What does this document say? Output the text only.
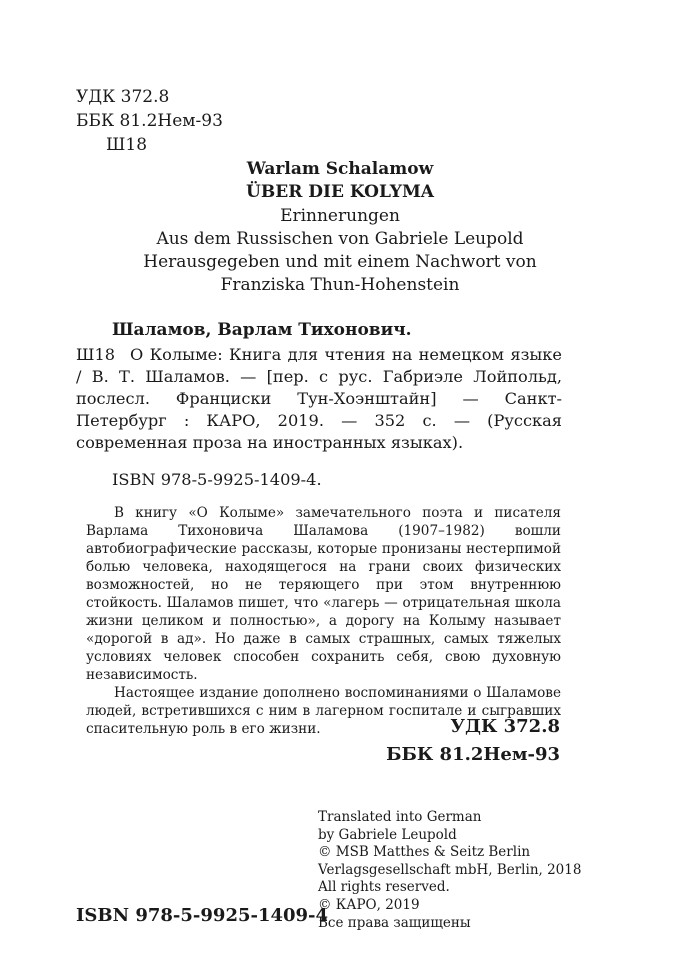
УДК 372.8
ББК 81.2Нем-93
Ш18
Warlam Schalamow
ÜBER DIE KOLYMA
Erinnerungen
Aus dem Russischen von Gabriele Leupold
Herausgegeben und mit einem Nachwort von
Franziska Thun-Hohenstein
Шаламов, Варлам Тихонович.
Ш18 О Колыме: Книга для чтения на немецком языке / В. Т. Шаламов. — [пер. с рус. Габриэле Лойпольд, послесл. Франциски Тун-Хоэнштайн] — Санкт-Петербург : КАРО, 2019. — 352 с. — (Русская современная проза на иностранных языках).
ISBN 978-5-9925-1409-4.

В книгу «О Колыме» замечательного поэта и писателя Варлама Тихоновича Шаламова (1907–1982) вошли автобиографические рассказы, которые пронизаны нестерпимой болью человека, находящегося на грани своих физических возможностей, но не теряющего при этом внутреннюю стойкость. Шаламов пишет, что «лагерь — отрицательная школа жизни целиком и полностью», а дорогу на Колыму называет «дорогой в ад». Но даже в самых страшных, самых тяжелых условиях человек способен сохранить себя, свою духовную независимость.

Настоящее издание дополнено воспоминаниями о Шаламове людей, встретившихся с ним в лагерном госпитале и сыгравших спасительную роль в его жизни.	УДК 372.8
ББК 81.2Нем-93
Translated into German
by Gabriele Leupold
© MSB Matthes & Seitz Berlin
Verlagsgesellschaft mbH, Berlin, 2018
All rights reserved.
© КАРО, 2019
Все права защищены
ISBN 978-5-9925-1409-4
